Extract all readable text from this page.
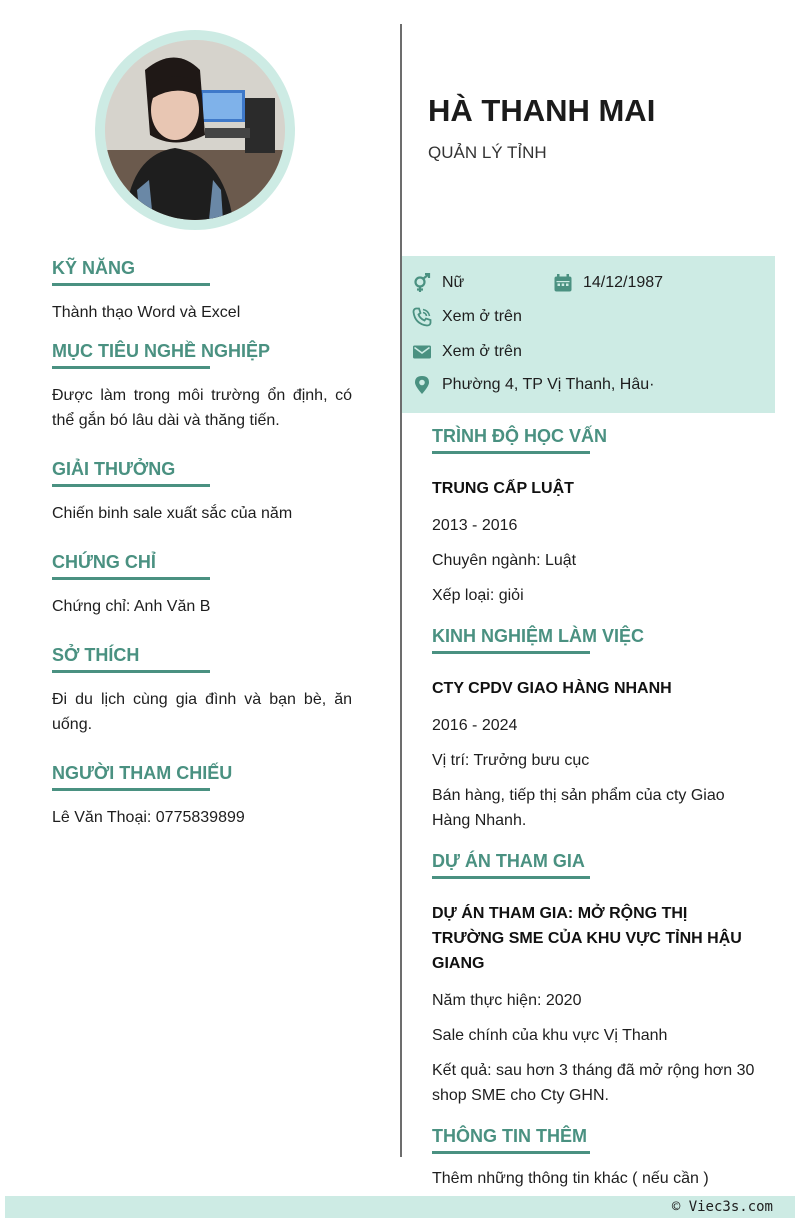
HÀ THANH MAI
QUẢN LÝ TỈNH
KỸ NĂNG
Thành thạo Word và Excel
MỤC TIÊU NGHỀ NGHIỆP
Được làm trong môi trường ổn định, có thể gắn bó lâu dài và thăng tiến.
GIẢI THƯỞNG
Chiến binh sale xuất sắc của năm
CHỨNG CHỈ
Chứng chỉ: Anh Văn B
SỞ THÍCH
Đi du lịch cùng gia đình và bạn bè, ăn uống.
NGƯỜI THAM CHIẾU
Lê Văn Thoại: 0775839899
Nữ	14/12/1987
Xem ở trên
Xem ở trên
Phường 4, TP Vị Thanh, Hâu·
TRÌNH ĐỘ HỌC VẤN
TRUNG CẤP LUẬT
2013 - 2016
Chuyên ngành: Luật
Xếp loại: giỏi
KINH NGHIỆM LÀM VIỆC
CTY CPDV GIAO HÀNG NHANH
2016 - 2024
Vị trí: Trưởng bưu cục
Bán hàng, tiếp thị sản phẩm của cty Giao Hàng Nhanh.
DỰ ÁN THAM GIA
DỰ ÁN THAM GIA: MỞ RỘNG THỊ TRƯỜNG SME CỦA KHU VỰC TỈNH HẬU GIANG
Năm thực hiện: 2020
Sale chính của khu vực Vị Thanh
Kết quả: sau hơn 3 tháng đã mở rộng hơn 30 shop SME cho Cty GHN.
THÔNG TIN THÊM
Thêm những thông tin khác ( nếu cần )
© Viec3s.com
